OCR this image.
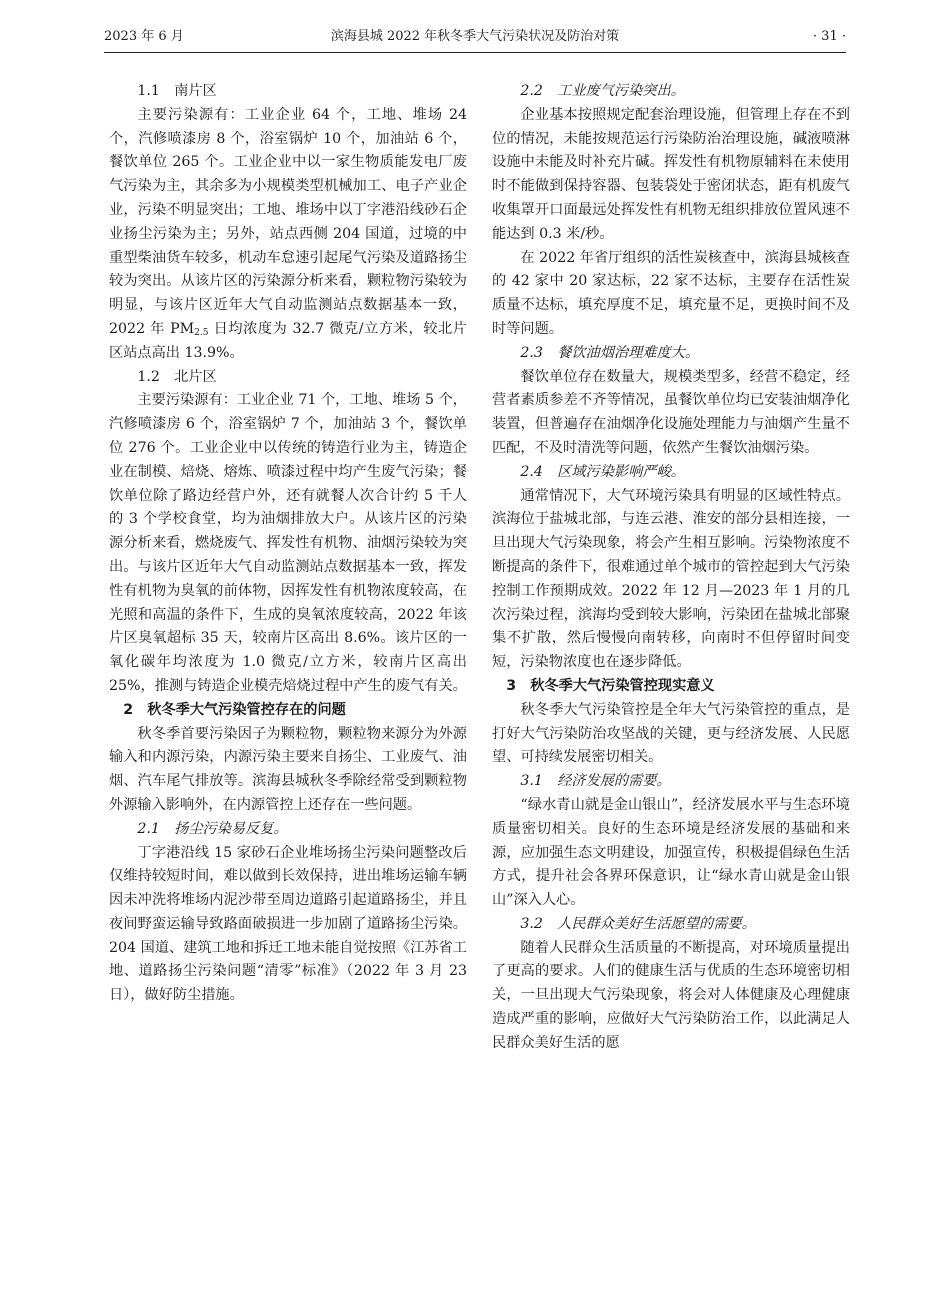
2023 年 6 月	滨海县城 2022 年秋冬季大气污染状况及防治对策	· 31 ·
1.1　南片区

主要污染源有：工业企业 64 个，工地、堆场 24 个，汽修喷漆房 8 个，浴室锅炉 10 个，加油站 6 个，餐饮单位 265 个。工业企业中以一家生物质能发电厂废气污染为主，其余多为小规模类型机械加工、电子产业企业，污染不明显突出；工地、堆场中以丁字港沿线砂石企业扬尘污染为主；另外，站点西侧 204 国道，过境的中重型柴油货车较多，机动车怠速引起尾气污染及道路扬尘较为突出。从该片区的污染源分析来看，颗粒物污染较为明显，与该片区近年大气自动监测站点数据基本一致，2022 年 $PM_{2.5}$ 日均浓度为 32.7 微克/立方米，较北片区站点高出 13.9%。

1.2　北片区

主要污染源有：工业企业 71 个，工地、堆场 5 个，汽修喷漆房 6 个，浴室锅炉 7 个，加油站 3 个，餐饮单位 276 个。工业企业中以传统的铸造行业为主，铸造企业在制模、焙烧、熔炼、喷漆过程中均产生废气污染；餐饮单位除了路边经营户外，还有就餐人次合计约 5 千人的 3 个学校食堂，均为油烟排放大户。从该片区的污染源分析来看，燃烧废气、挥发性有机物、油烟污染较为突出。与该片区近年大气自动监测站点数据基本一致，挥发性有机物为臭氧的前体物，因挥发性有机物浓度较高，在光照和高温的条件下，生成的臭氧浓度较高，2022 年该片区臭氧超标 35 天，较南片区高出 8.6%。该片区的一氧化碳年均浓度为 1.0 微克/立方米，较南片区高出 25%，推测与铸造企业模壳焙烧过程中产生的废气有关。

2　秋冬季大气污染管控存在的问题

秋冬季首要污染因子为颗粒物，颗粒物来源分为外源输入和内源污染，内源污染主要来自扬尘、工业废气、油烟、汽车尾气排放等。滨海县城秋冬季除经常受到颗粒物外源输入影响外，在内源管控上还存在一些问题。

2.1　扬尘污染易反复。

丁字港沿线 15 家砂石企业堆场扬尘污染问题整改后仅维持较短时间，难以做到长效保持，进出堆场运输车辆因未冲洗将堆场内泥沙带至周边道路引起道路扬尘，并且夜间野蛮运输导致路面破损进一步加剧了道路扬尘污染。204 国道、建筑工地和拆迁工地未能自觉按照《江苏省工地、道路扬尘污染问题“清零”标准》（2022 年 3 月 23 日），做好防尘措施。

2.2　工业废气污染突出。

企业基本按照规定配套治理设施，但管理上存在不到位的情况，未能按规范运行污染防治治理设施，碱液喷淋设施中未能及时补充片碱。挥发性有机物原辅料在未使用时不能做到保持容器、包装袋处于密闭状态，距有机废气收集罩开口面最远处挥发性有机物无组织排放位置风速不能达到 0.3 米/秒。

在 2022 年省厅组织的活性炭核查中，滨海县城核查的 42 家中 20 家达标，22 家不达标，主要存在活性炭质量不达标，填充厚度不足，填充量不足，更换时间不及时等问题。

2.3　餐饮油烟治理难度大。

餐饮单位存在数量大，规模类型多，经营不稳定，经营者素质参差不齐等情况，虽餐饮单位均已安装油烟净化装置，但普遍存在油烟净化设施处理能力与油烟产生量不匹配，不及时清洗等问题，依然产生餐饮油烟污染。

2.4　区域污染影响严峻。

通常情况下，大气环境污染具有明显的区域性特点。滨海位于盐城北部，与连云港、淮安的部分县相连接，一旦出现大气污染现象，将会产生相互影响。污染物浓度不断提高的条件下，很难通过单个城市的管控起到大气污染控制工作预期成效。2022 年 12 月—2023 年 1 月的几次污染过程，滨海均受到较大影响，污染团在盐城北部聚集不扩散，然后慢慢向南转移，向南时不但停留时间变短，污染物浓度也在逐步降低。

3　秋冬季大气污染管控现实意义

秋冬季大气污染管控是全年大气污染管控的重点，是打好大气污染防治攻坚战的关键，更与经济发展、人民愿望、可持续发展密切相关。

3.1　经济发展的需要。

“绿水青山就是金山银山”，经济发展水平与生态环境质量密切相关。良好的生态环境是经济发展的基础和来源，应加强生态文明建设，加强宣传，积极提倡绿色生活方式，提升社会各界环保意识，让“绿水青山就是金山银山”深入人心。

3.2　人民群众美好生活愿望的需要。

随着人民群众生活质量的不断提高，对环境质量提出了更高的要求。人们的健康生活与优质的生态环境密切相关，一旦出现大气污染现象，将会对人体健康及心理健康造成严重的影响，应做好大气污染防治工作，以此满足人民群众美好生活的愿
